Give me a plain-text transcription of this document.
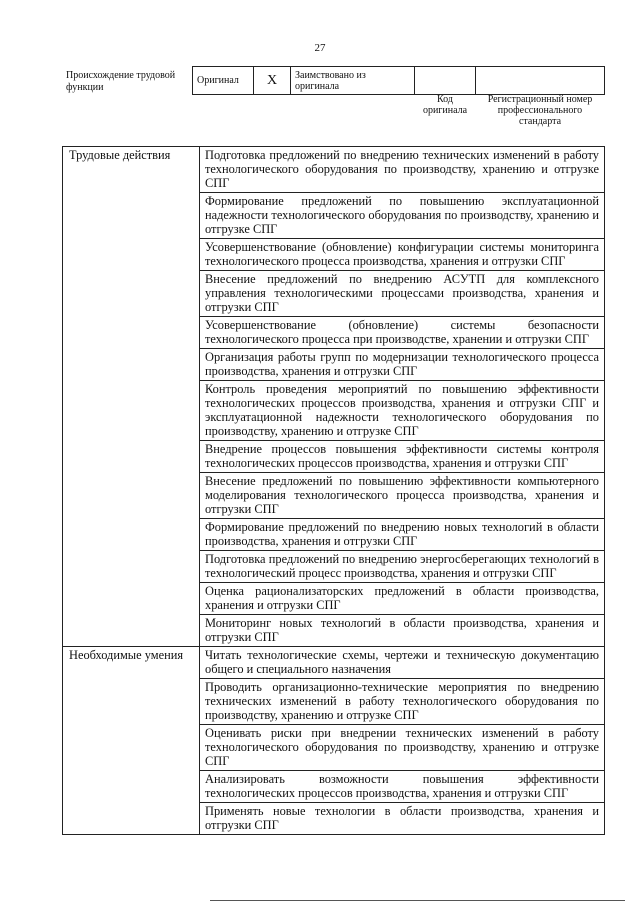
27
Происхождение трудовой функции
Оригинал	X	Заимствовано из оригинала		
Код оригинала
Регистрационный номер профессионального стандарта
Трудовые действия	Подготовка предложений по внедрению технических изменений в работу технологического оборудования по производству, хранению и отгрузке СПГ
	Формирование предложений по повышению эксплуатационной надежности технологического оборудования по производству, хранению и отгрузке СПГ
	Усовершенствование (обновление) конфигурации системы мониторинга технологического процесса производства, хранения и отгрузки СПГ
	Внесение предложений по внедрению АСУТП для комплексного управления технологическими процессами производства, хранения и отгрузки СПГ
	Усовершенствование (обновление) системы безопасности технологического процесса при производстве, хранении и отгрузки СПГ
	Организация работы групп по модернизации технологического процесса производства, хранения и отгрузки СПГ
	Контроль проведения мероприятий по повышению эффективности технологических процессов производства, хранения и отгрузки СПГ и эксплуатационной надежности технологического оборудования по производству, хранению и отгрузке СПГ
	Внедрение процессов повышения эффективности системы контроля технологических процессов производства, хранения и отгрузки СПГ
	Внесение предложений по повышению эффективности компьютерного моделирования технологического процесса производства, хранения и отгрузки СПГ
	Формирование предложений по внедрению новых технологий в области производства, хранения и отгрузки СПГ
	Подготовка предложений по внедрению энергосберегающих технологий в технологический процесс производства, хранения и отгрузки СПГ
	Оценка рационализаторских предложений в области производства, хранения и отгрузки СПГ
	Мониторинг новых технологий в области производства, хранения и отгрузки СПГ
Необходимые умения	Читать технологические схемы, чертежи и техническую документацию общего и специального назначения
	Проводить организационно-технические мероприятия по внедрению технических изменений в работу технологического оборудования по производству, хранению и отгрузке СПГ
	Оценивать риски при внедрении технических изменений в работу технологического оборудования по производству, хранению и отгрузке СПГ
	Анализировать возможности повышения эффективности технологических процессов производства, хранения и отгрузки СПГ
	Применять новые технологии в области производства, хранения и отгрузки СПГ
